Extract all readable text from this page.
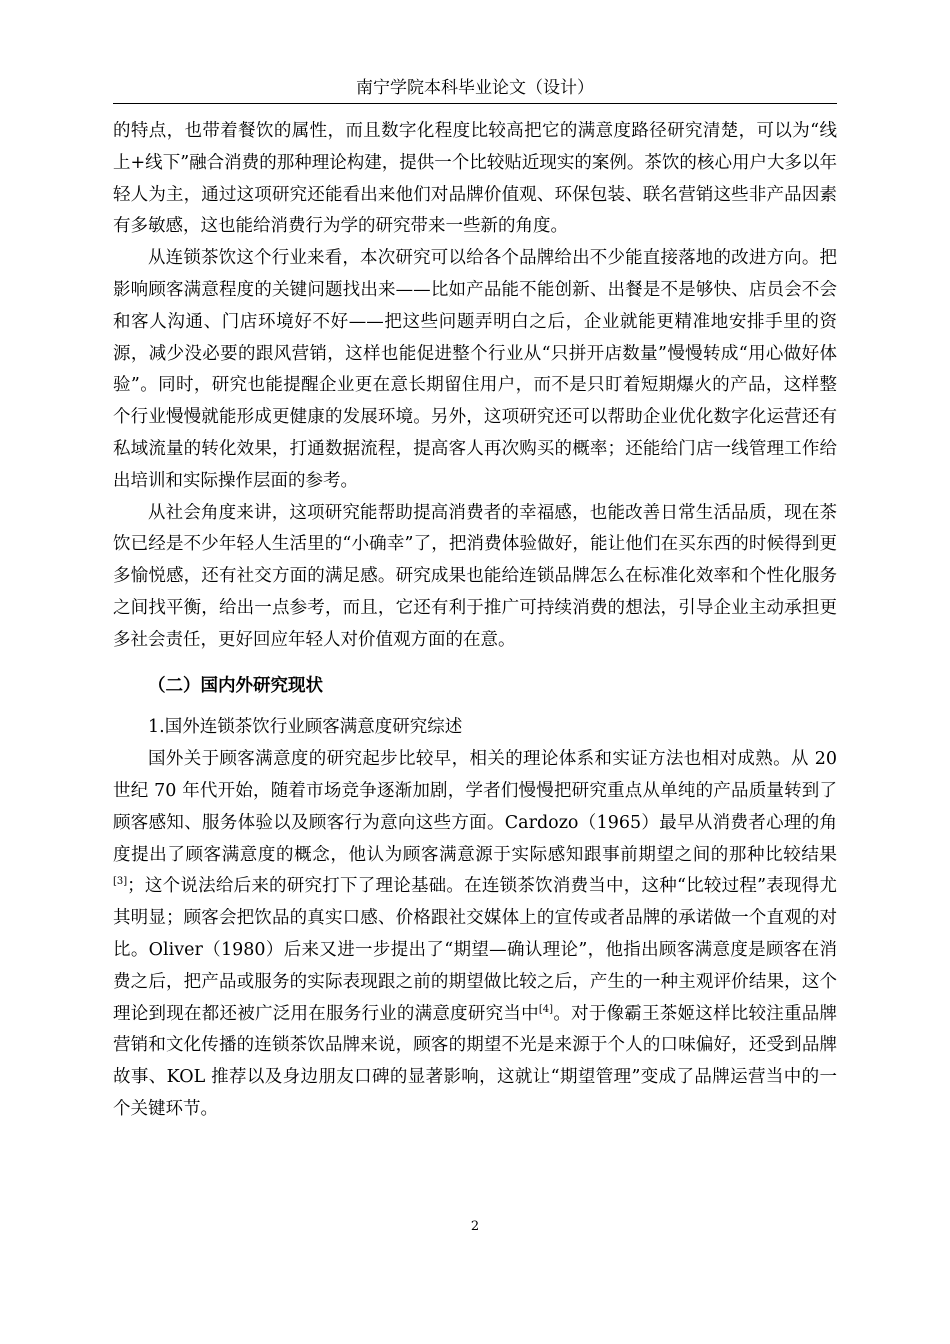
南宁学院本科毕业论文（设计）

的特点，也带着餐饮的属性，而且数字化程度比较高把它的满意度路径研究清楚，可以为“线上+线下”融合消费的那种理论构建，提供一个比较贴近现实的案例。茶饮的核心用户大多以年轻人为主，通过这项研究还能看出来他们对品牌价值观、环保包装、联名营销这些非产品因素有多敏感，这也能给消费行为学的研究带来一些新的角度。

从连锁茶饮这个行业来看，本次研究可以给各个品牌给出不少能直接落地的改进方向。把影响顾客满意程度的关键问题找出来——比如产品能不能创新、出餐是不是够快、店员会不会和客人沟通、门店环境好不好——把这些问题弄明白之后，企业就能更精准地安排手里的资源，减少没必要的跟风营销，这样也能促进整个行业从“只拼开店数量”慢慢转成“用心做好体验”。同时，研究也能提醒企业更在意长期留住用户，而不是只盯着短期爆火的产品，这样整个行业慢慢就能形成更健康的发展环境。另外，这项研究还可以帮助企业优化数字化运营还有私域流量的转化效果，打通数据流程，提高客人再次购买的概率；还能给门店一线管理工作给出培训和实际操作层面的参考。

从社会角度来讲，这项研究能帮助提高消费者的幸福感，也能改善日常生活品质，现在茶饮已经是不少年轻人生活里的“小确幸”了，把消费体验做好，能让他们在买东西的时候得到更多愉悦感，还有社交方面的满足感。研究成果也能给连锁品牌怎么在标准化效率和个性化服务之间找平衡，给出一点参考，而且，它还有利于推广可持续消费的想法，引导企业主动承担更多社会责任，更好回应年轻人对价值观方面的在意。

（二）国内外研究现状

1.国外连锁茶饮行业顾客满意度研究综述

国外关于顾客满意度的研究起步比较早，相关的理论体系和实证方法也相对成熟。从 20 世纪 70 年代开始，随着市场竞争逐渐加剧，学者们慢慢把研究重点从单纯的产品质量转到了顾客感知、服务体验以及顾客行为意向这些方面。Cardozo（1965）最早从消费者心理的角度提出了顾客满意度的概念，他认为顾客满意源于实际感知跟事前期望之间的那种比较结果[3]；这个说法给后来的研究打下了理论基础。在连锁茶饮消费当中，这种“比较过程”表现得尤其明显；顾客会把饮品的真实口感、价格跟社交媒体上的宣传或者品牌的承诺做一个直观的对比。Oliver（1980）后来又进一步提出了“期望—确认理论”，他指出顾客满意度是顾客在消费之后，把产品或服务的实际表现跟之前的期望做比较之后，产生的一种主观评价结果，这个理论到现在都还被广泛用在服务行业的满意度研究当中[4]。对于像霸王茶姬这样比较注重品牌营销和文化传播的连锁茶饮品牌来说，顾客的期望不光是来源于个人的口味偏好，还受到品牌故事、KOL 推荐以及身边朋友口碑的显著影响，这就让“期望管理”变成了品牌运营当中的一个关键环节。

2
